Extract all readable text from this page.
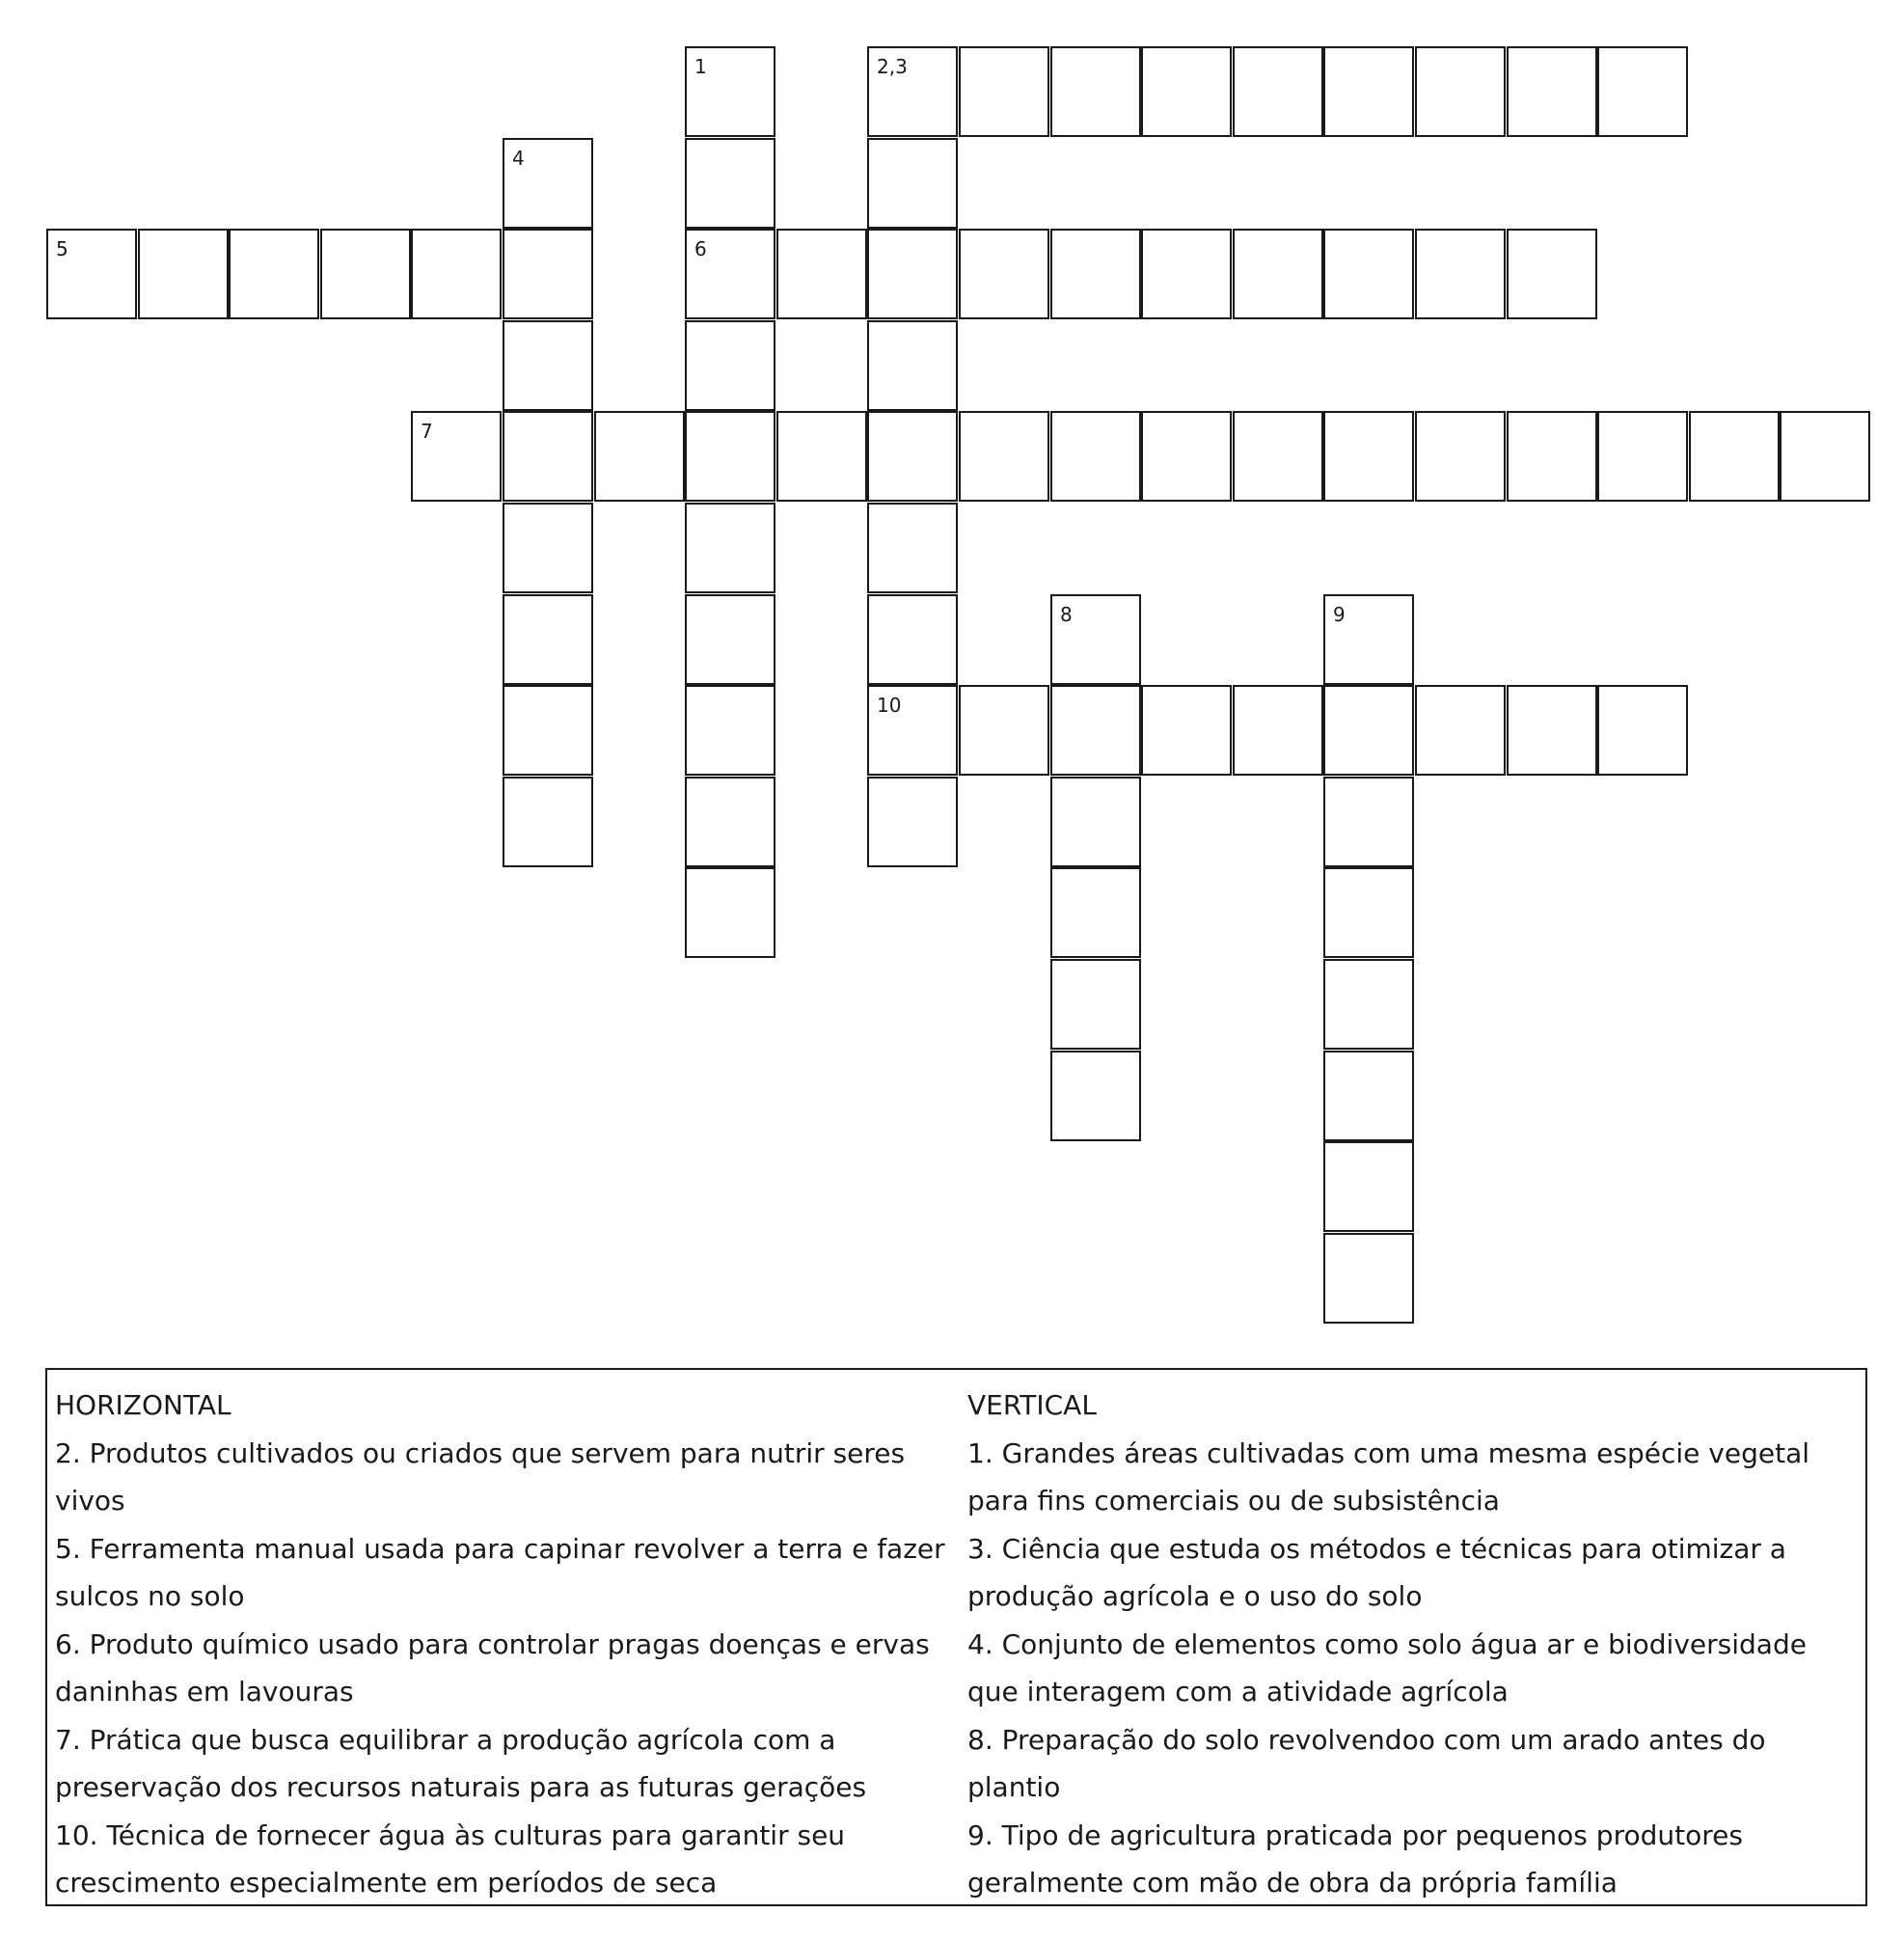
1
6
2,3
10
4
5
7
8	9

HORIZONTAL

2. Produtos cultivados ou criados que servem para nutrir seres vivos

5. Ferramenta manual usada para capinar revolver a terra e fazer sulcos no solo

6. Produto químico usado para controlar pragas doenças e ervas daninhas em lavouras

7. Prática que busca equilibrar a produção agrícola com a preservação dos recursos naturais para as futuras gerações

10. Técnica de fornecer água às culturas para garantir seu crescimento especialmente em períodos de seca

VERTICAL

1. Grandes áreas cultivadas com uma mesma espécie vegetal para fins comerciais ou de subsistência

3. Ciência que estuda os métodos e técnicas para otimizar a produção agrícola e o uso do solo

4. Conjunto de elementos como solo água ar e biodiversidade que interagem com a atividade agrícola

8. Preparação do solo revolvendoo com um arado antes do plantio

9. Tipo de agricultura praticada por pequenos produtores geralmente com mão de obra da própria família
